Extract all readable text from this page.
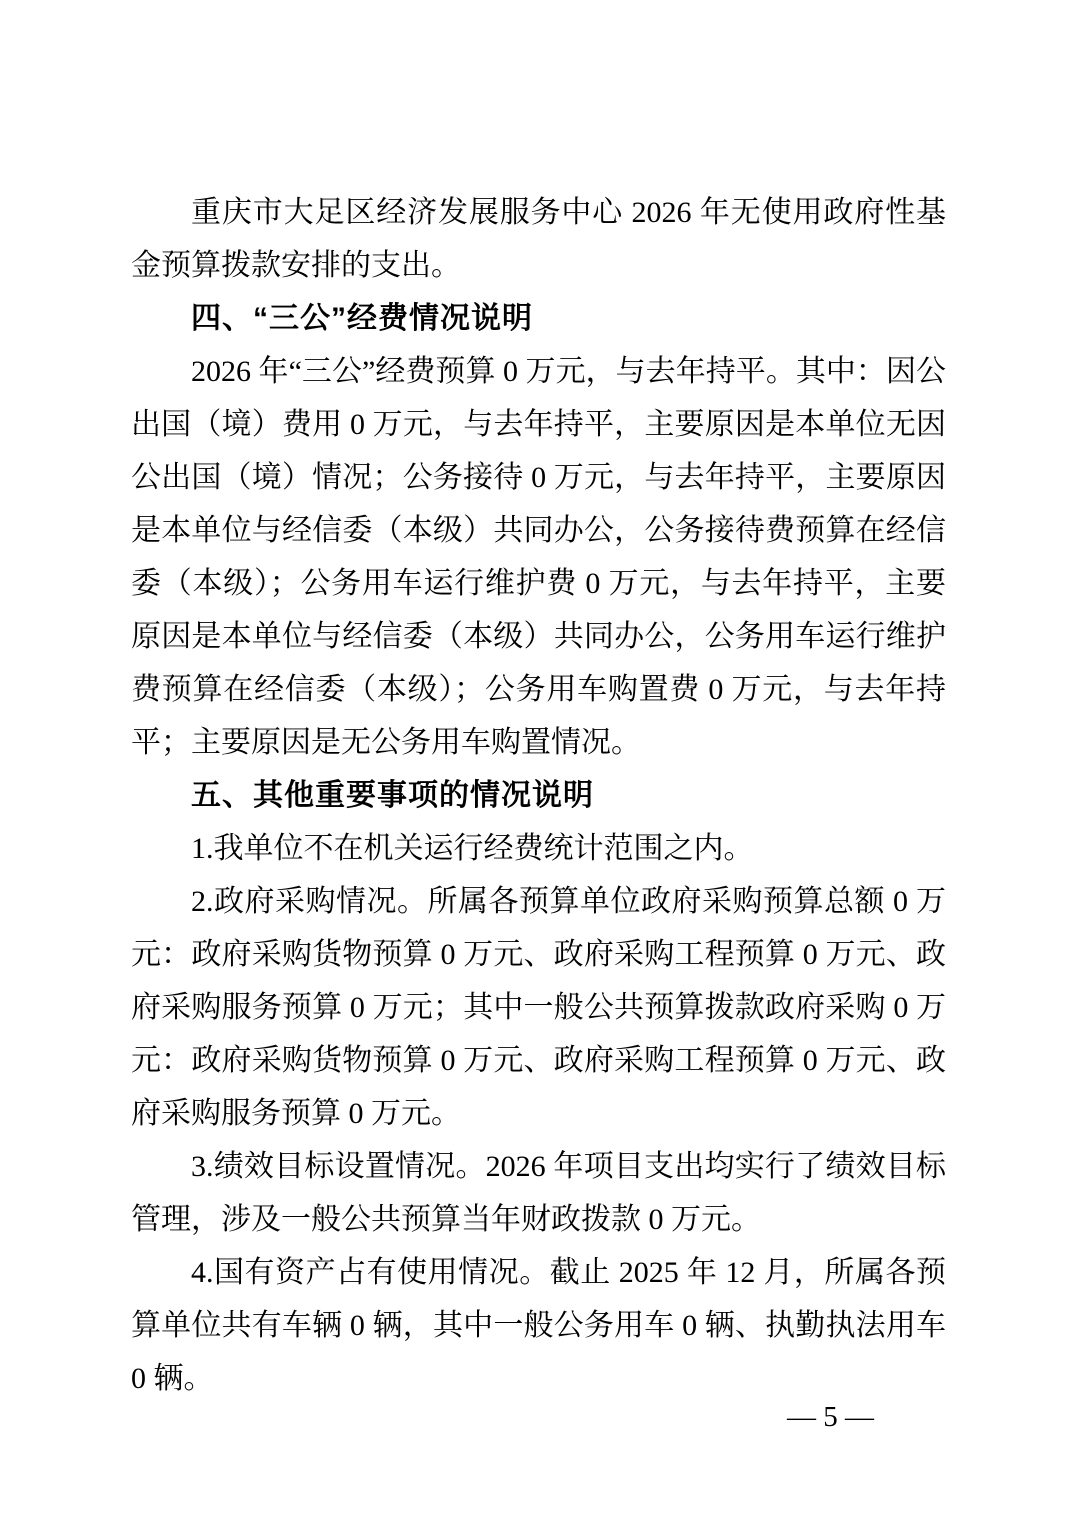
重庆市大足区经济发展服务中心 2026 年无使用政府性基金预算拨款安排的支出。

四、“三公”经费情况说明

2026 年“三公”经费预算 0 万元，与去年持平。其中：因公出国（境）费用 0 万元，与去年持平，主要原因是本单位无因公出国（境）情况；公务接待 0 万元，与去年持平，主要原因是本单位与经信委（本级）共同办公，公务接待费预算在经信委（本级）；公务用车运行维护费 0 万元，与去年持平，主要原因是本单位与经信委（本级）共同办公，公务用车运行维护费预算在经信委（本级）；公务用车购置费 0 万元，与去年持平；主要原因是无公务用车购置情况。

五、其他重要事项的情况说明

1.我单位不在机关运行经费统计范围之内。

2.政府采购情况。所属各预算单位政府采购预算总额 0 万元：政府采购货物预算 0 万元、政府采购工程预算 0 万元、政府采购服务预算 0 万元；其中一般公共预算拨款政府采购 0 万元：政府采购货物预算 0 万元、政府采购工程预算 0 万元、政府采购服务预算 0 万元。

3.绩效目标设置情况。2026 年项目支出均实行了绩效目标管理，涉及一般公共预算当年财政拨款 0 万元。

4.国有资产占有使用情况。截止 2025 年 12 月，所属各预算单位共有车辆 0 辆，其中一般公务用车 0 辆、执勤执法用车 0 辆。

— 5 —
